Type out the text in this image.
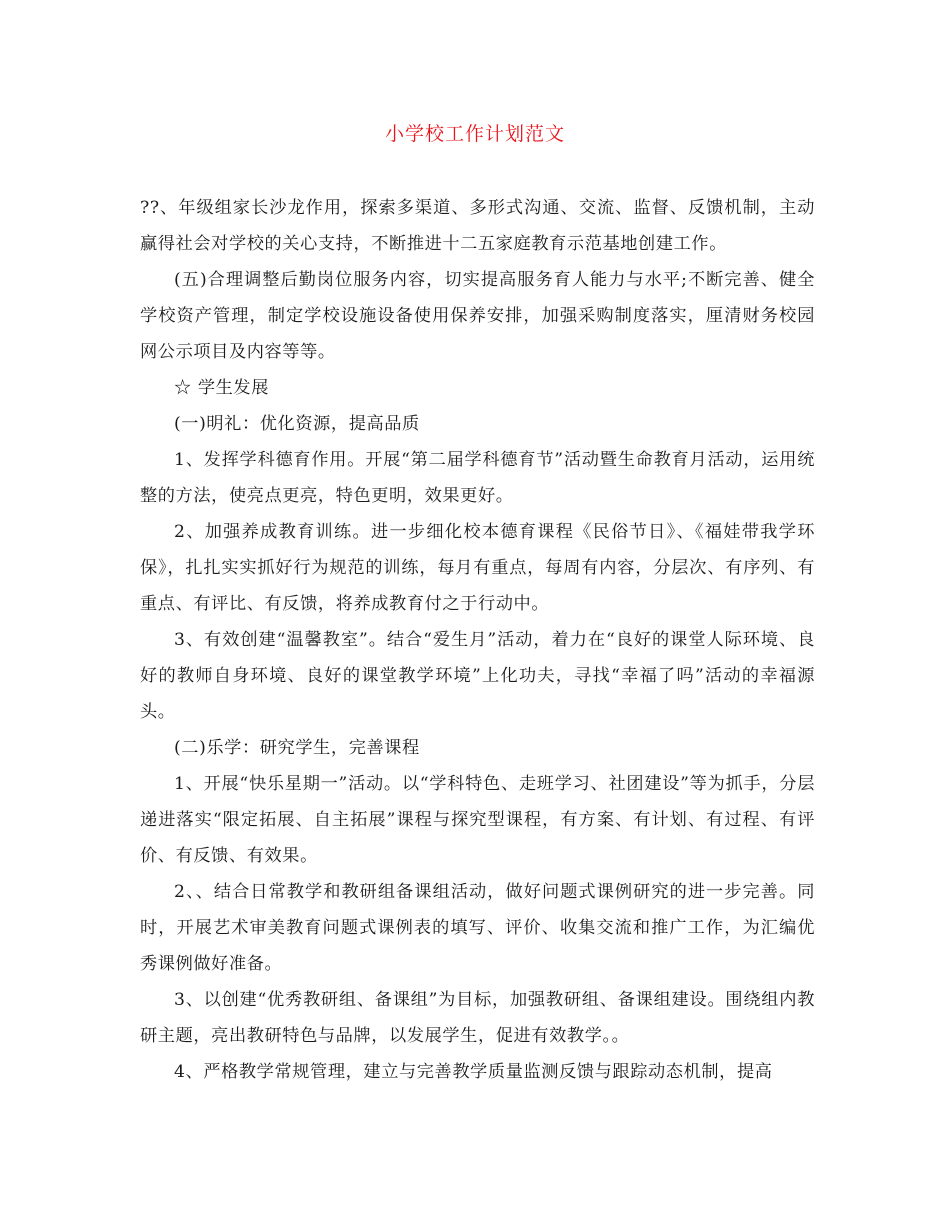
小学校工作计划范文

??、年级组家长沙龙作用，探索多渠道、多形式沟通、交流、监督、反馈机制，主动赢得社会对学校的关心支持，不断推进十二五家庭教育示范基地创建工作。

(五)合理调整后勤岗位服务内容，切实提高服务育人能力与水平;不断完善、健全学校资产管理，制定学校设施设备使用保养安排，加强采购制度落实，厘清财务校园网公示项目及内容等等。

☆ 学生发展

(一)明礼：优化资源，提高品质

1、发挥学科德育作用。开展“第二届学科德育节”活动暨生命教育月活动，运用统整的方法，使亮点更亮，特色更明，效果更好。

2、加强养成教育训练。进一步细化校本德育课程《民俗节日》、《福娃带我学环保》，扎扎实实抓好行为规范的训练，每月有重点，每周有内容，分层次、有序列、有重点、有评比、有反馈，将养成教育付之于行动中。

3、有效创建“温馨教室”。结合“爱生月”活动，着力在“良好的课堂人际环境、良好的教师自身环境、良好的课堂教学环境”上化功夫，寻找“幸福了吗”活动的幸福源头。

(二)乐学：研究学生，完善课程

1、开展“快乐星期一”活动。以“学科特色、走班学习、社团建设”等为抓手，分层递进落实“限定拓展、自主拓展”课程与探究型课程，有方案、有计划、有过程、有评价、有反馈、有效果。

2、、结合日常教学和教研组备课组活动，做好问题式课例研究的进一步完善。同时，开展艺术审美教育问题式课例表的填写、评价、收集交流和推广工作，为汇编优秀课例做好准备。

3、以创建“优秀教研组、备课组”为目标，加强教研组、备课组建设。围绕组内教研主题，亮出教研特色与品牌，以发展学生，促进有效教学。。

4、严格教学常规管理，建立与完善教学质量监测反馈与跟踪动态机制，提高
